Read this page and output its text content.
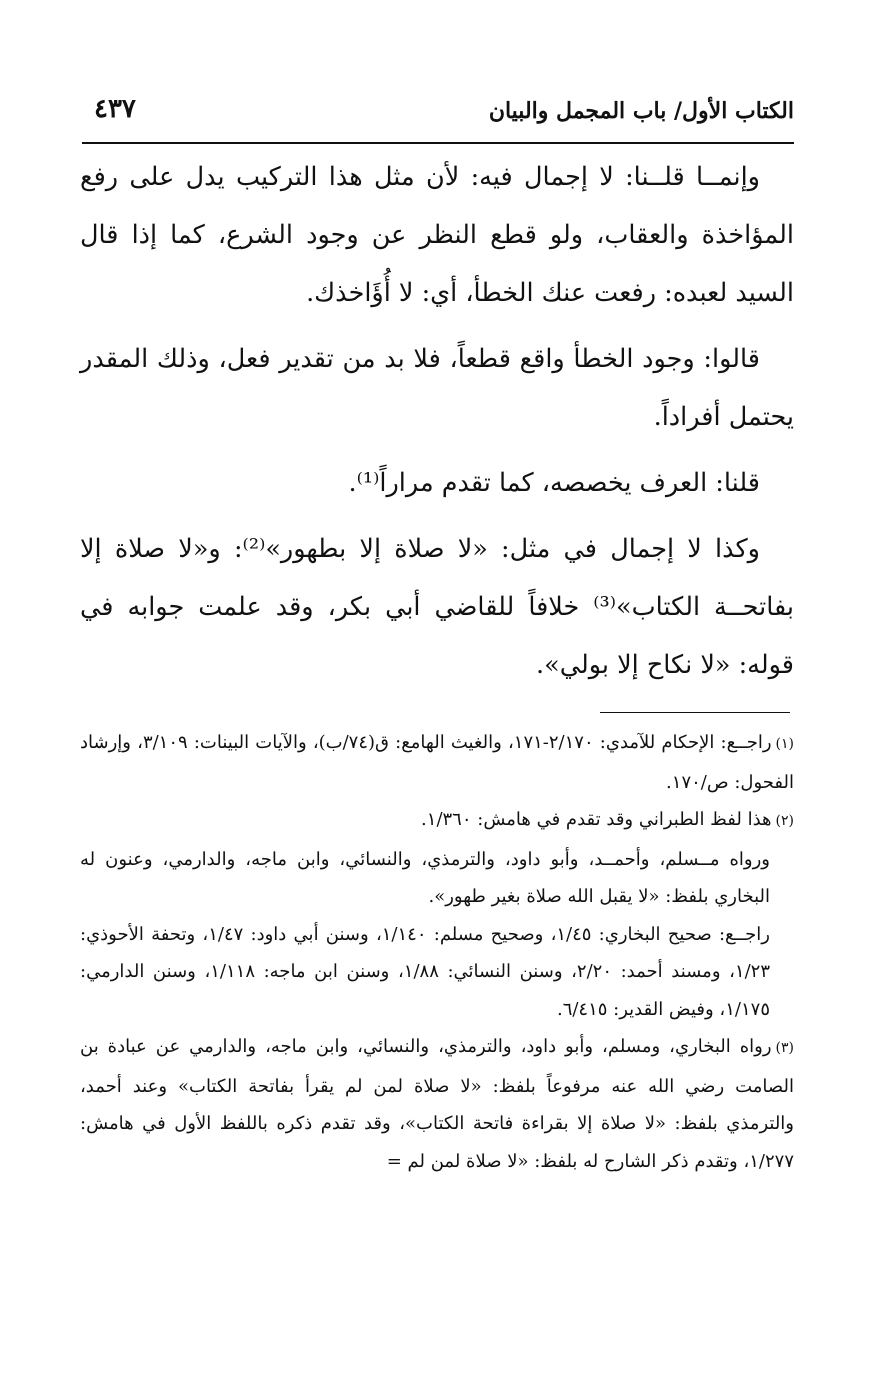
الكتاب الأول/ باب المجمل والبيان
٤٣٧

وإنمــا قلــنا: لا إجمال فيه: لأن مثل هذا التركيب يدل على رفع المؤاخذة والعقاب، ولو قطع النظر عن وجود الشرع، كما إذا قال السيد لعبده: رفعت عنك الخطأ، أي: لا أُؤَاخذك.

قالوا: وجود الخطأ واقع قطعاً، فلا بد من تقدير فعل، وذلك المقدر يحتمل أفراداً.

قلنا: العرف يخصصه، كما تقدم مراراً⁽¹⁾.

وكذا لا إجمال في مثل: «لا صلاة إلا بطهور»⁽²⁾: و«لا صلاة إلا بفاتحــة الكتاب»⁽³⁾ خلافاً للقاضي أبي بكر، وقد علمت جوابه في قوله: «لا نكاح إلا بولي».

(١)راجــع: الإحكام للآمدي: ٢/١٧٠-١٧١، والغيث الهامع: ق(٧٤/ب)، والآيات البينات: ٣/١٠٩، وإرشاد الفحول: ص/١٧٠.

(٢)هذا لفظ الطبراني وقد تقدم في هامش: ١/٣٦٠.

ورواه مــسلم، وأحمــد، وأبو داود، والترمذي، والنسائي، وابن ماجه، والدارمي، وعنون له البخاري بلفظ: «لا يقبل الله صلاة بغير طهور».

راجــع: صحيح البخاري: ١/٤٥، وصحيح مسلم: ١/١٤٠، وسنن أبي داود: ١/٤٧، وتحفة الأحوذي: ١/٢٣، ومسند أحمد: ٢/٢٠، وسنن النسائي: ١/٨٨، وسنن ابن ماجه: ١/١١٨، وسنن الدارمي: ١/١٧٥، وفيض القدير: ٦/٤١٥.

(٣)رواه البخاري، ومسلم، وأبو داود، والترمذي، والنسائي، وابن ماجه، والدارمي عن عبادة بن الصامت رضي الله عنه مرفوعاً بلفظ: «لا صلاة لمن لم يقرأ بفاتحة الكتاب» وعند أحمد، والترمذي بلفظ: «لا صلاة إلا بقراءة فاتحة الكتاب»، وقد تقدم ذكره باللفظ الأول في هامش: ١/٢٧٧، وتقدم ذكر الشارح له بلفظ: «لا صلاة لمن لم =
